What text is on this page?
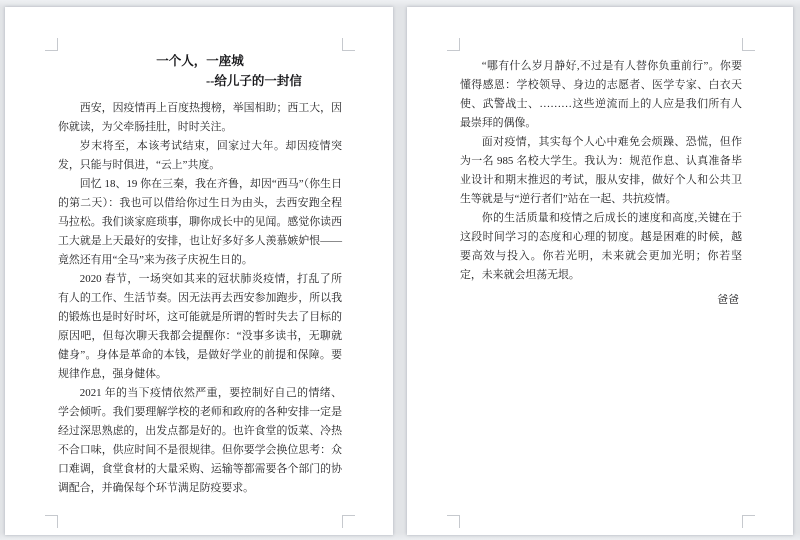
一个人，一座城

--给儿子的一封信

西安，因疫情再上百度热搜榜，举国相助；西工大，因你就读，为父牵肠挂肚，时时关注。

岁末将至，本该考试结束，回家过大年。却因疫情突发，只能与时俱进，“云上”共度。

回忆 18、19 你在三秦，我在齐鲁，却因“西马”（你生日的第二天）：我也可以借给你过生日为由头，去西安跑全程马拉松。我们谈家庭琐事，聊你成长中的见闻。感觉你读西工大就是上天最好的安排，也让好多好多人羡慕嫉妒恨——竟然还有用“全马”来为孩子庆祝生日的。

2020 春节，一场突如其来的冠状肺炎疫情，打乱了所有人的工作、生活节奏。因无法再去西安参加跑步，所以我的锻炼也是时好时坏，这可能就是所谓的暂时失去了目标的原因吧，但每次聊天我都会提醒你：“没事多读书，无聊就健身”。身体是革命的本钱，是做好学业的前提和保障。要规律作息，强身健体。

2021 年的当下疫情依然严重，要控制好自己的情绪、学会倾听。我们要理解学校的老师和政府的各种安排一定是经过深思熟虑的，出发点都是好的。也许食堂的饭菜、冷热不合口味，供应时间不是很规律。但你要学会换位思考：众口难调，食堂食材的大量采购、运输等都需要各个部门的协调配合，并确保每个环节满足防疫要求。

“哪有什么岁月静好,不过是有人替你负重前行”。你要懂得感恩：学校领导、身边的志愿者、医学专家、白衣天使、武警战士、………这些逆流而上的人应是我们所有人最崇拜的偶像。

面对疫情，其实每个人心中难免会烦躁、恐慌，但作为一名 985 名校大学生。我认为：规范作息、认真准备毕业设计和期末推迟的考试，服从安排，做好个人和公共卫生等就是与“逆行者们”站在一起、共抗疫情。

你的生活质量和疫情之后成长的速度和高度,关键在于这段时间学习的态度和心理的韧度。越是困难的时候，越要高效与投入。你若光明，未来就会更加光明；你若坚定，未来就会坦荡无垠。

爸爸
